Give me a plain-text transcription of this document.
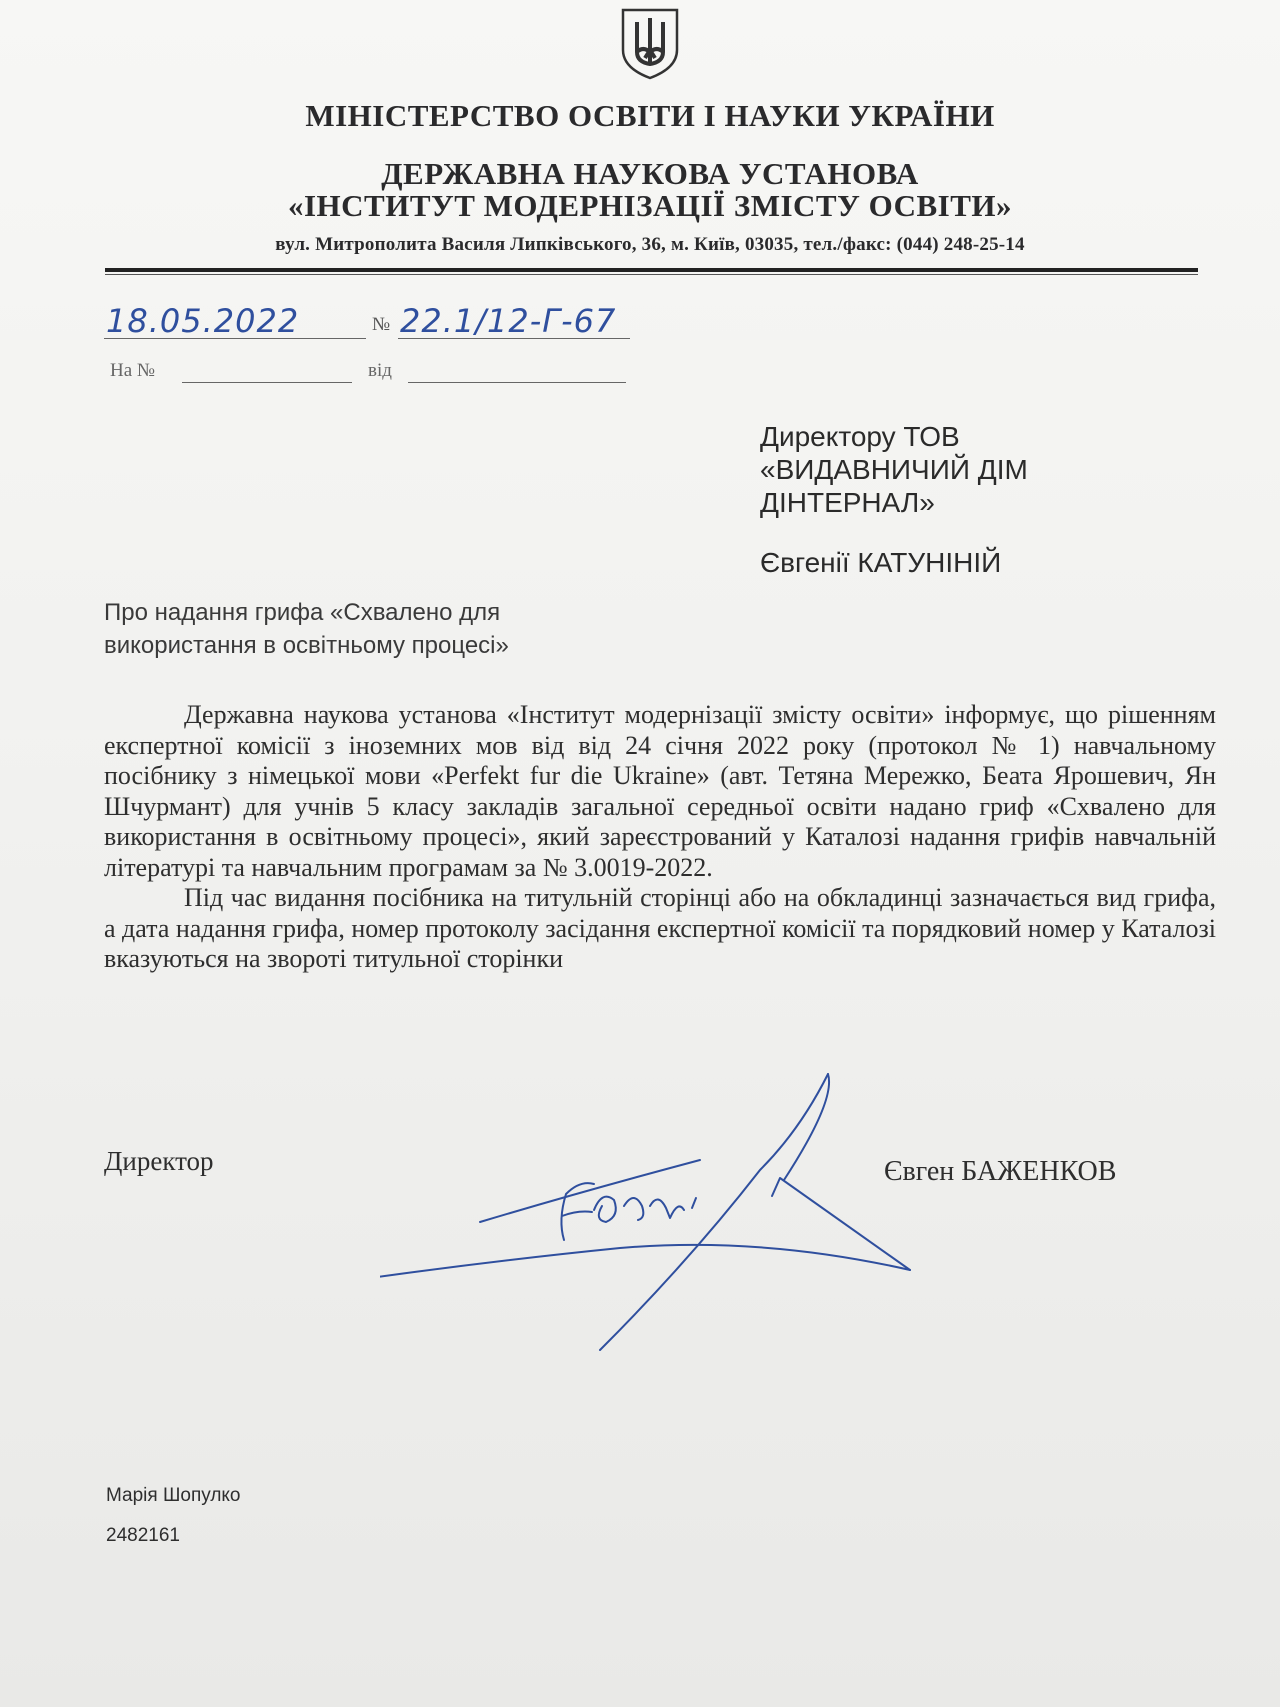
МІНІСТЕРСТВО ОСВІТИ І НАУКИ УКРАЇНИ
ДЕРЖАВНА НАУКОВА УСТАНОВА
«ІНСТИТУТ МОДЕРНІЗАЦІЇ ЗМІСТУ ОСВІТИ»
вул. Митрополита Василя Липківського, 36, м. Київ, 03035, тел./факс: (044) 248-25-14
18.05.2022	№ 22.1/12-Г-67
На №	від
Директору ТОВ
«ВИДАВНИЧИЙ ДІМ
ДІНТЕРНАЛ»
Євгенії КАТУНІНІЙ
Про надання грифа «Схвалено для
використання в освітньому процесі»

Державна наукова установа «Інститут модернізації змісту освіти» інформує, що рішенням експертної комісії з іноземних мов від від 24 січня 2022 року (протокол № 1) навчальному посібнику з німецької мови «Perfekt fur die Ukraine» (авт. Тетяна Мережко, Беата Ярошевич, Ян Шчурмант) для учнів 5 класу закладів загальної середньої освіти надано гриф «Схвалено для використання в освітньому процесі», який зареєстрований у Каталозі надання грифів навчальній літературі та навчальним програмам за № 3.0019-2022.

Під час видання посібника на титульній сторінці або на обкладинці зазначається вид грифа, а дата надання грифа, номер протоколу засідання експертної комісії та порядковий номер у Каталозі вказуються на звороті титульної сторінки

Директор	Євген БАЖЕНКОВ
Марія Шопулко
2482161
